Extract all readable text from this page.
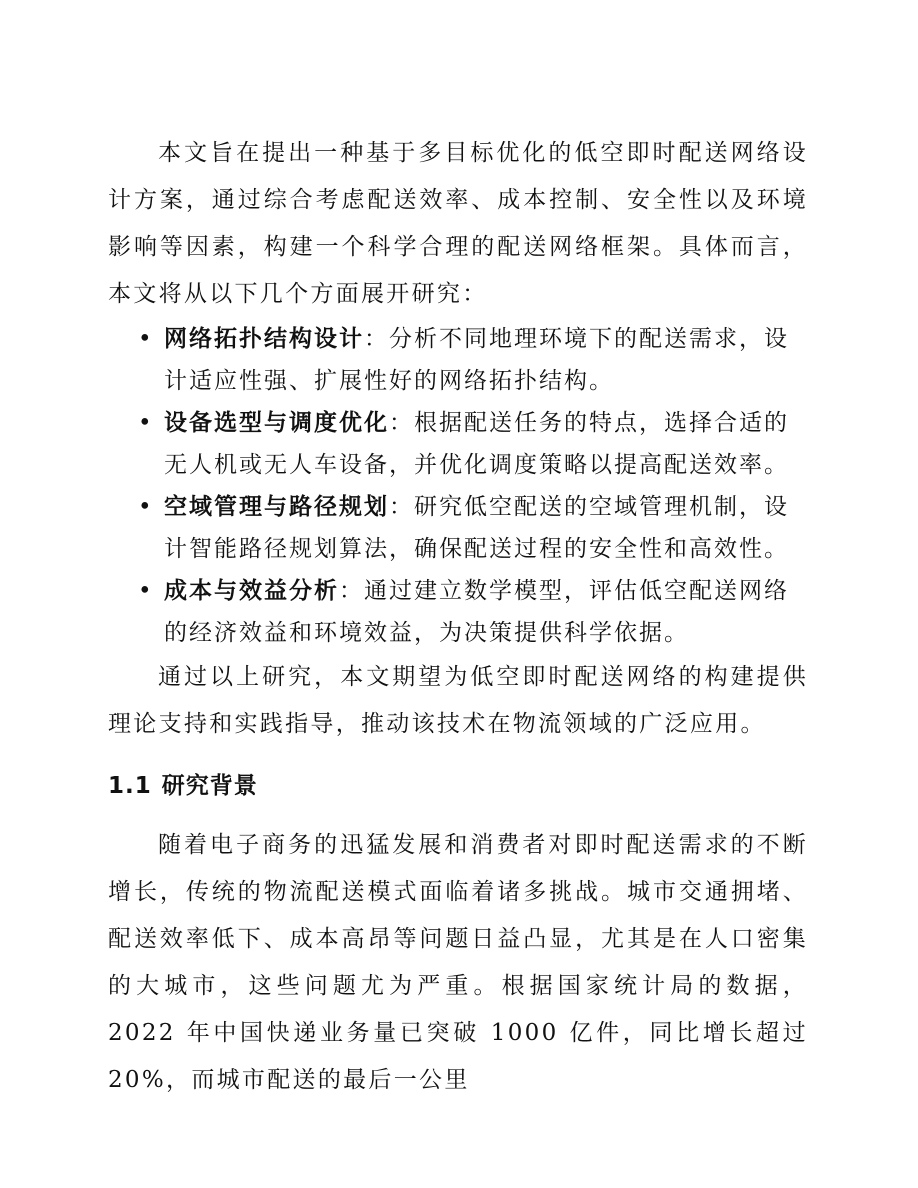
本文旨在提出一种基于多目标优化的低空即时配送网络设计方案，通过综合考虑配送效率、成本控制、安全性以及环境影响等因素，构建一个科学合理的配送网络框架。具体而言，本文将从以下几个方面展开研究：

• 网络拓扑结构设计：分析不同地理环境下的配送需求，设计适应性强、扩展性好的网络拓扑结构。
• 设备选型与调度优化：根据配送任务的特点，选择合适的无人机或无人车设备，并优化调度策略以提高配送效率。
• 空域管理与路径规划：研究低空配送的空域管理机制，设计智能路径规划算法，确保配送过程的安全性和高效性。
• 成本与效益分析：通过建立数学模型，评估低空配送网络的经济效益和环境效益，为决策提供科学依据。

通过以上研究，本文期望为低空即时配送网络的构建提供理论支持和实践指导，推动该技术在物流领域的广泛应用。

1.1 研究背景

随着电子商务的迅猛发展和消费者对即时配送需求的不断增长，传统的物流配送模式面临着诸多挑战。城市交通拥堵、配送效率低下、成本高昂等问题日益凸显，尤其是在人口密集的大城市，这些问题尤为严重。根据国家统计局的数据，2022 年中国快递业务量已突破 1000 亿件，同比增长超过 20%，而城市配送的最后一公里
